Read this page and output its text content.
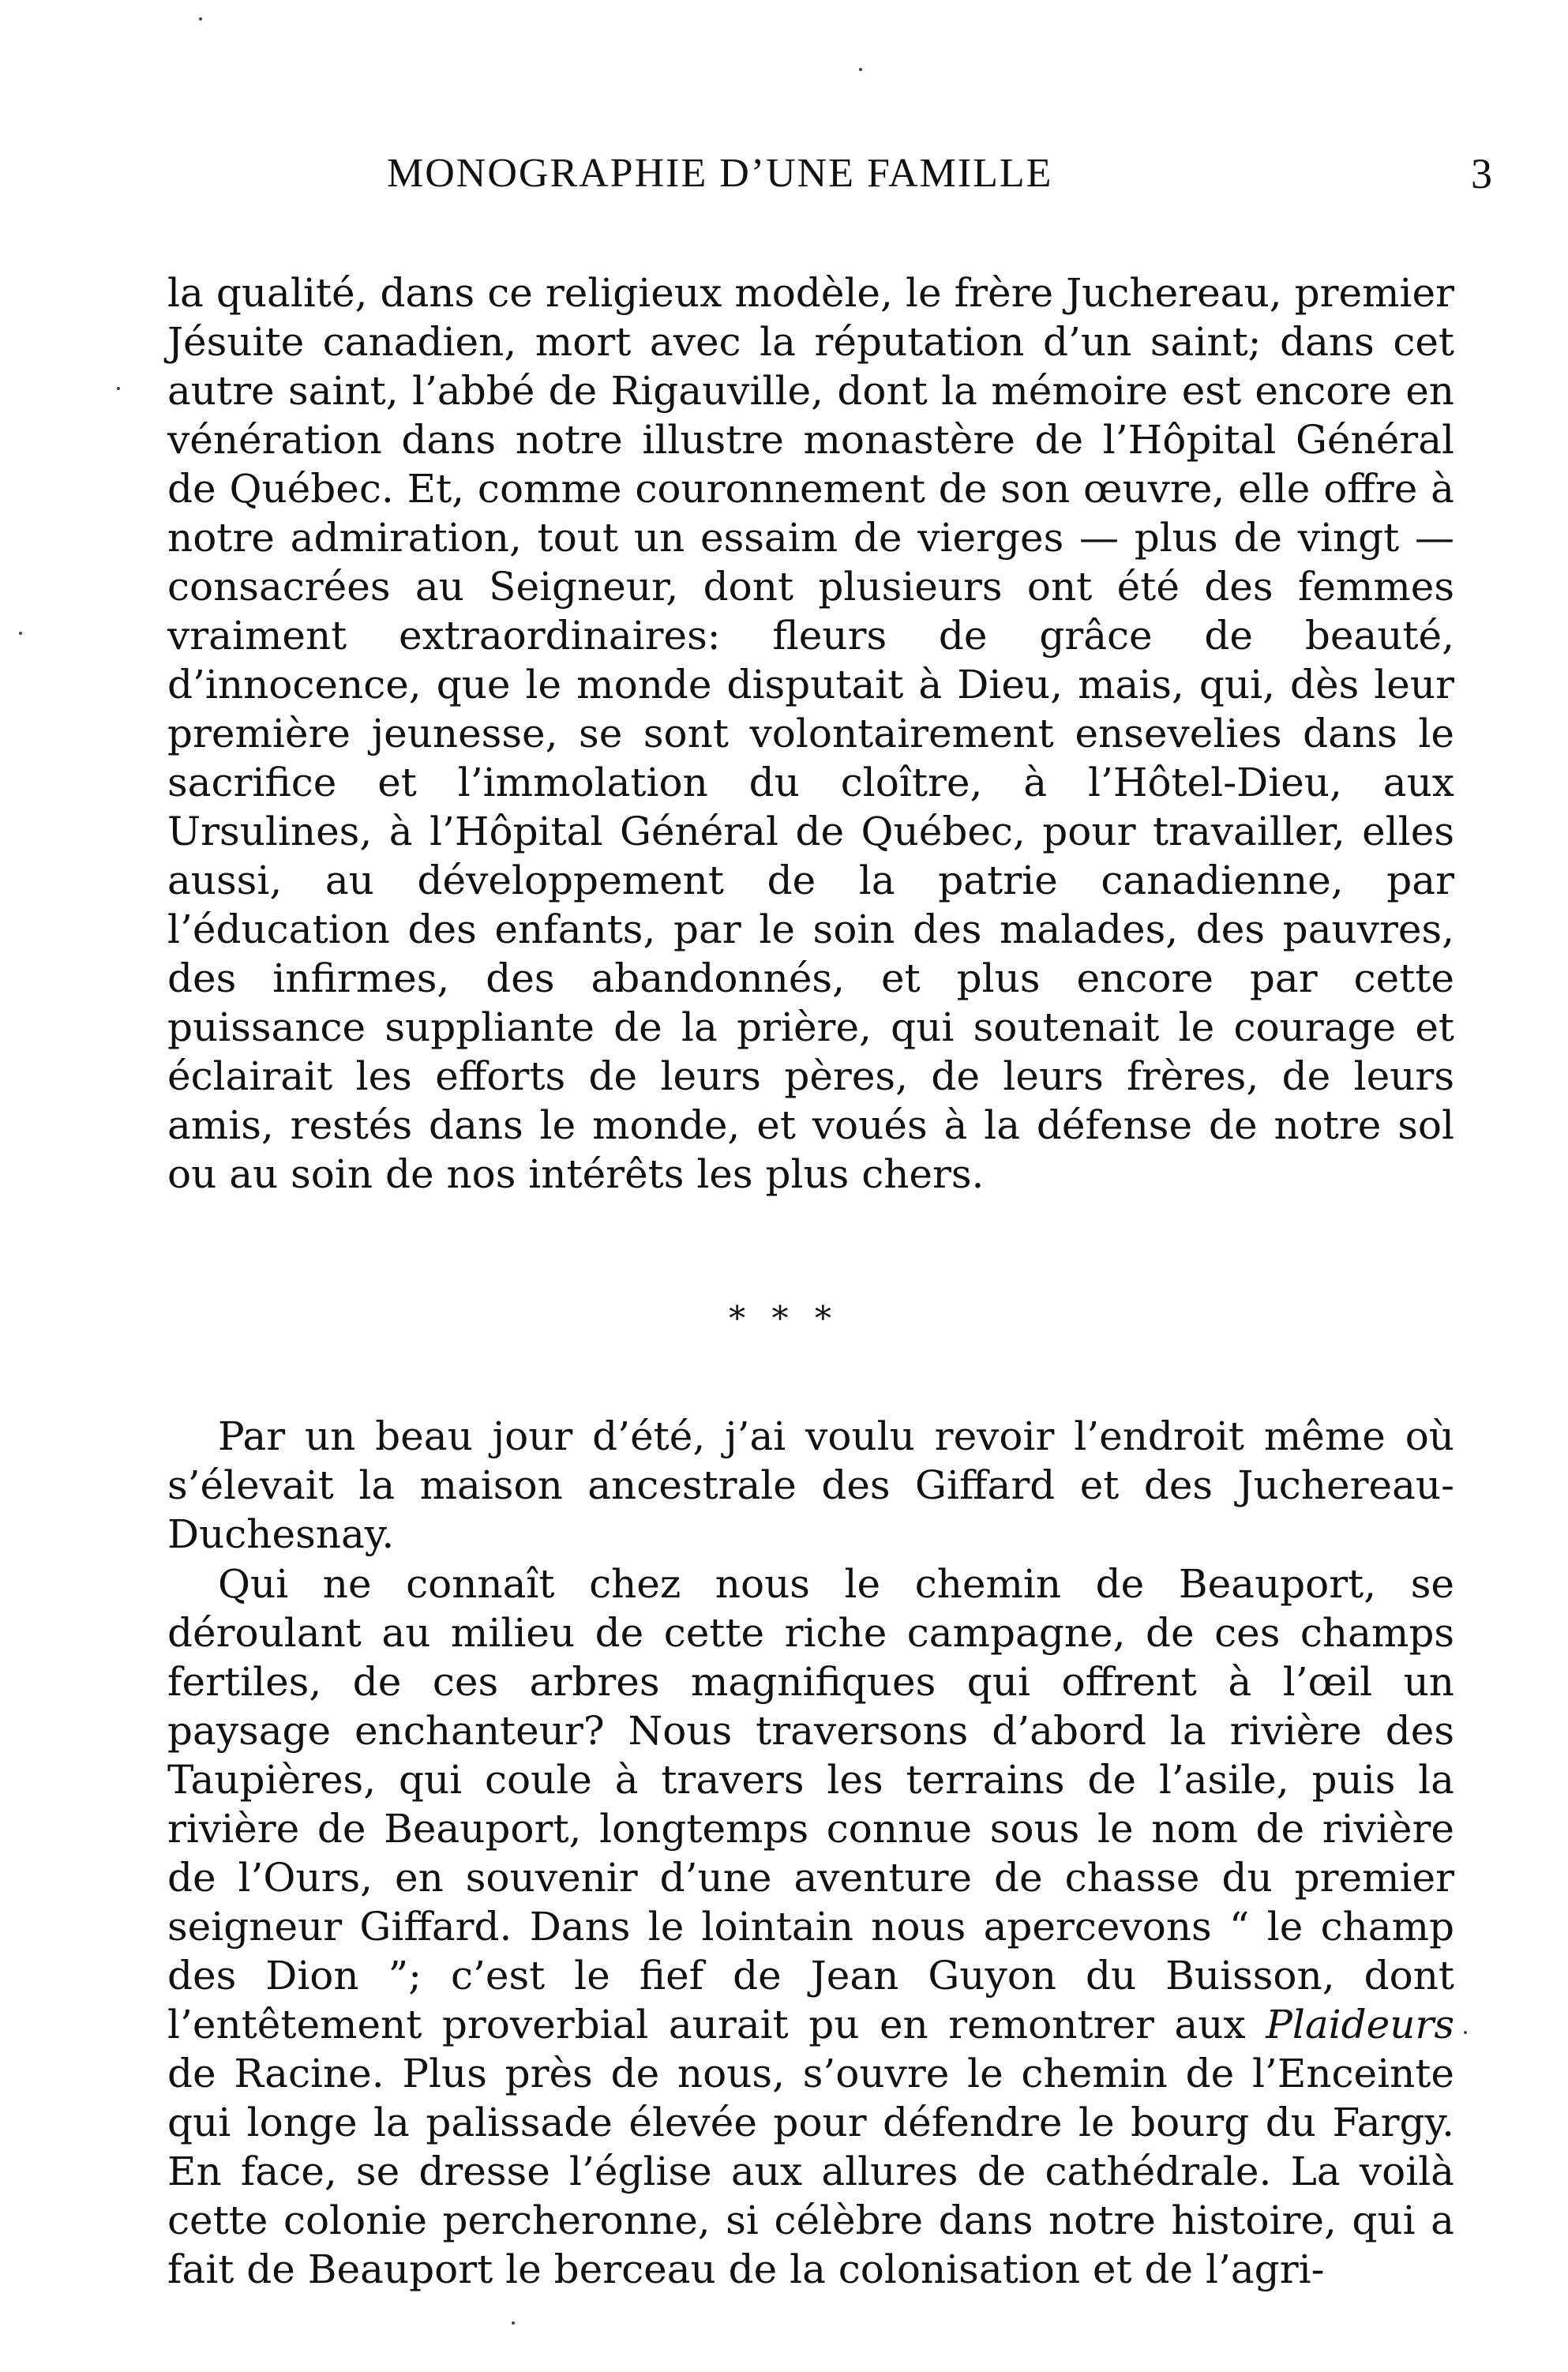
MONOGRAPHIE D’UNE FAMILLE	3

la qualité, dans ce religieux modèle, le frère Juchereau, premier Jésuite canadien, mort avec la réputation d’un saint; dans cet autre saint, l’abbé de Rigauville, dont la mémoire est encore en vénération dans notre illustre monastère de l’Hôpital Général de Québec. Et, comme couronnement de son œuvre, elle offre à notre admiration, tout un essaim de vierges — plus de vingt — consacrées au Seigneur, dont plusieurs ont été des femmes vraiment extraordinaires: fleurs de grâce de beauté, d’innocence, que le monde disputait à Dieu, mais, qui, dès leur première jeunesse, se sont volontairement ensevelies dans le sacrifice et l’immolation du cloître, à l’Hôtel-Dieu, aux Ursulines, à l’Hôpital Général de Québec, pour travailler, elles aussi, au développement de la patrie canadienne, par l’éducation des enfants, par le soin des malades, des pauvres, des infirmes, des abandonnés, et plus encore par cette puissance suppliante de la prière, qui soutenait le courage et éclairait les efforts de leurs pères, de leurs frères, de leurs amis, restés dans le monde, et voués à la défense de notre sol ou au soin de nos intérêts les plus chers.

* * *

Par un beau jour d’été, j’ai voulu revoir l’endroit même où s’élevait la maison ancestrale des Giffard et des Juchereau-Duchesnay.

Qui ne connaît chez nous le chemin de Beauport, se déroulant au milieu de cette riche campagne, de ces champs fertiles, de ces arbres magnifiques qui offrent à l’œil un paysage enchanteur? Nous traversons d’abord la rivière des Taupières, qui coule à travers les terrains de l’asile, puis la rivière de Beauport, longtemps connue sous le nom de rivière de l’Ours, en souvenir d’une aventure de chasse du premier seigneur Giffard. Dans le lointain nous apercevons “ le champ des Dion ”; c’est le fief de Jean Guyon du Buisson, dont l’entêtement proverbial aurait pu en remontrer aux Plaideurs de Racine. Plus près de nous, s’ouvre le chemin de l’Enceinte qui longe la palissade élevée pour défendre le bourg du Fargy. En face, se dresse l’église aux allures de cathédrale. La voilà cette colonie percheronne, si célèbre dans notre histoire, qui a fait de Beauport le berceau de la colonisation et de l’agri-
